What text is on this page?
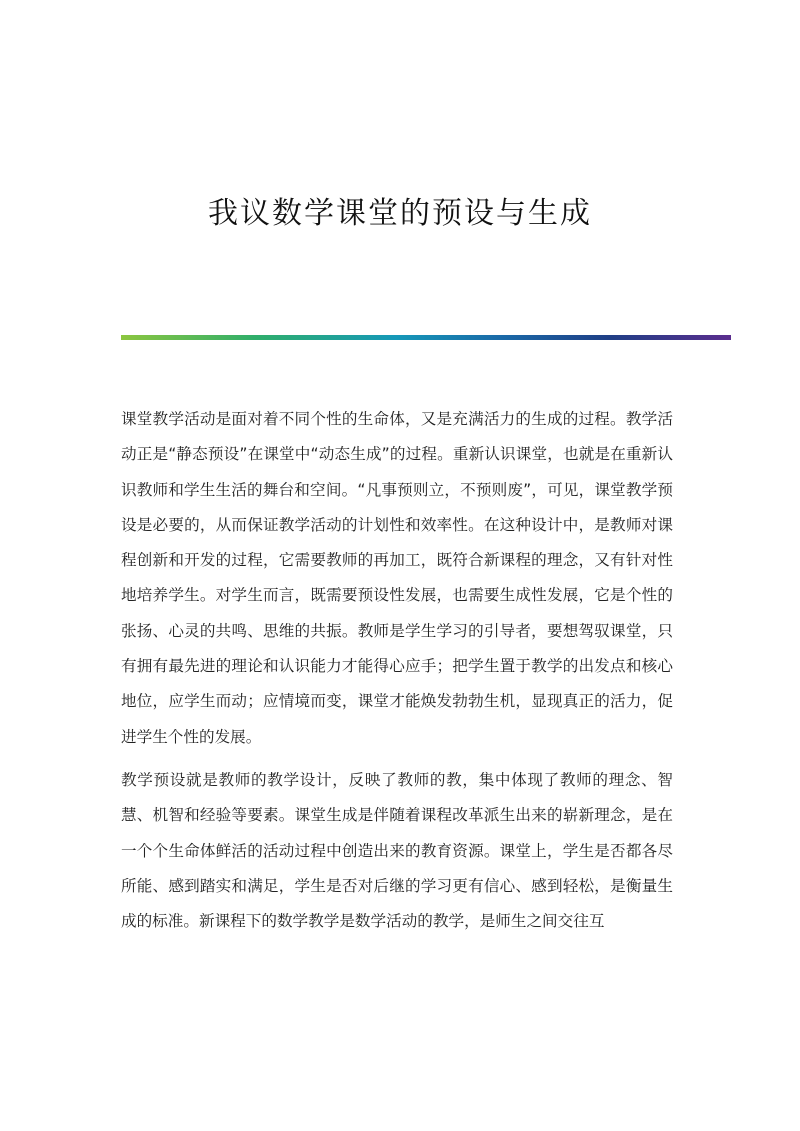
我议数学课堂的预设与生成

课堂教学活动是面对着不同个性的生命体，又是充满活力的生成的过程。教学活动正是“静态预设”在课堂中“动态生成”的过程。重新认识课堂，也就是在重新认识教师和学生生活的舞台和空间。“凡事预则立，不预则废”，可见，课堂教学预设是必要的，从而保证教学活动的计划性和效率性。在这种设计中，是教师对课程创新和开发的过程，它需要教师的再加工，既符合新课程的理念，又有针对性地培养学生。对学生而言，既需要预设性发展，也需要生成性发展，它是个性的张扬、心灵的共鸣、思维的共振。教师是学生学习的引导者，要想驾驭课堂，只有拥有最先进的理论和认识能力才能得心应手；把学生置于教学的出发点和核心地位，应学生而动；应情境而变，课堂才能焕发勃勃生机，显现真正的活力，促进学生个性的发展。

教学预设就是教师的教学设计，反映了教师的教，集中体现了教师的理念、智慧、机智和经验等要素。课堂生成是伴随着课程改革派生出来的崭新理念，是在一个个生命体鲜活的活动过程中创造出来的教育资源。课堂上，学生是否都各尽所能、感到踏实和满足，学生是否对后继的学习更有信心、感到轻松，是衡量生成的标准。新课程下的数学教学是数学活动的教学，是师生之间交往互
